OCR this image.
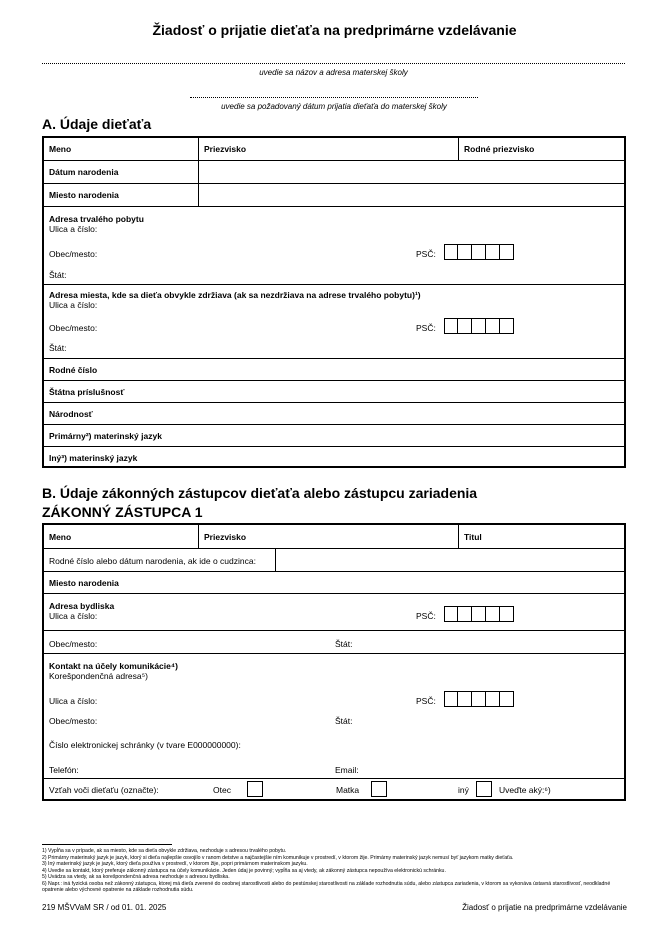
Žiadosť o prijatie dieťaťa na predprimárne vzdelávanie
uvedie sa názov a adresa materskej školy
uvedie sa požadovaný dátum prijatia dieťaťa do materskej školy
A. Údaje dieťaťa
Meno	Priezvisko	Rodné priezvisko
Dátum narodenia
Miesto narodenia
Adresa trvalého pobytu
Ulica a číslo:
Obec/mesto:	PSČ:
Štát:
Adresa miesta, kde sa dieťa obvykle zdržiava (ak sa nezdržiava na adrese trvalého pobytu)¹)
Ulica a číslo:
Obec/mesto:	PSČ:
Štát:
Rodné číslo
Štátna príslušnosť
Národnosť
Primárny²) materinský jazyk
Iný³) materinský jazyk
B. Údaje zákonných zástupcov dieťaťa alebo zástupcu zariadenia
ZÁKONNÝ ZÁSTUPCA 1
Meno	Priezvisko	Titul
Rodné číslo alebo dátum narodenia, ak ide o cudzinca:
Miesto narodenia
Adresa bydliska
Ulica a číslo:	PSČ:
Obec/mesto:	Štát:
Kontakt na účely komunikácie⁴)
Korešpondenčná adresa⁵)
Ulica a číslo:	PSČ:
Obec/mesto:	Štát:
Číslo elektronickej schránky (v tvare E000000000):
Telefón:	Email:
Vzťah voči dieťaťu (označte):	Otec	Matka	iný	Uveďte aký:⁶)
1) Vypĺňa sa v prípade, ak sa miesto, kde sa dieťa obvykle zdržiava, nezhoduje s adresou trvalého pobytu.
2) Primárny materinský jazyk je jazyk, ktorý si dieťa najlepšie osvojilo v ranom detstve a najčastejšie ním komunikuje v prostredí, v ktorom žije. Primárny materinský jazyk nemusí byť jazykom matky dieťaťa.
3) Iný materinský jazyk je jazyk, ktorý dieťa používa v prostredí, v ktorom žije, popri primárnom materinskom jazyku.
4) Uvedie sa kontakt, ktorý preferuje zákonný zástupca na účely komunikácie. Jeden údaj je povinný; vypĺňa sa aj vtedy, ak zákonný zástupca nepoužíva elektronickú schránku.
5) Uvádza sa vtedy, ak sa korešpondenčná adresa nezhoduje s adresou bydliska.
6) Napr.: iná fyzická osoba než zákonný zástupca, ktorej má dieťa zverené do osobnej starostlivosti alebo do pestúnskej starostlivosti na základe rozhodnutia súdu, alebo zástupca zariadenia, v ktorom sa vykonáva ústavná starostlivosť, neodkladné opatrenie alebo výchovné opatrenie na základe rozhodnutia súdu.
219 MŠVVaM SR / od 01. 01. 2025	Žiadosť o prijatie na predprimárne vzdelávanie
